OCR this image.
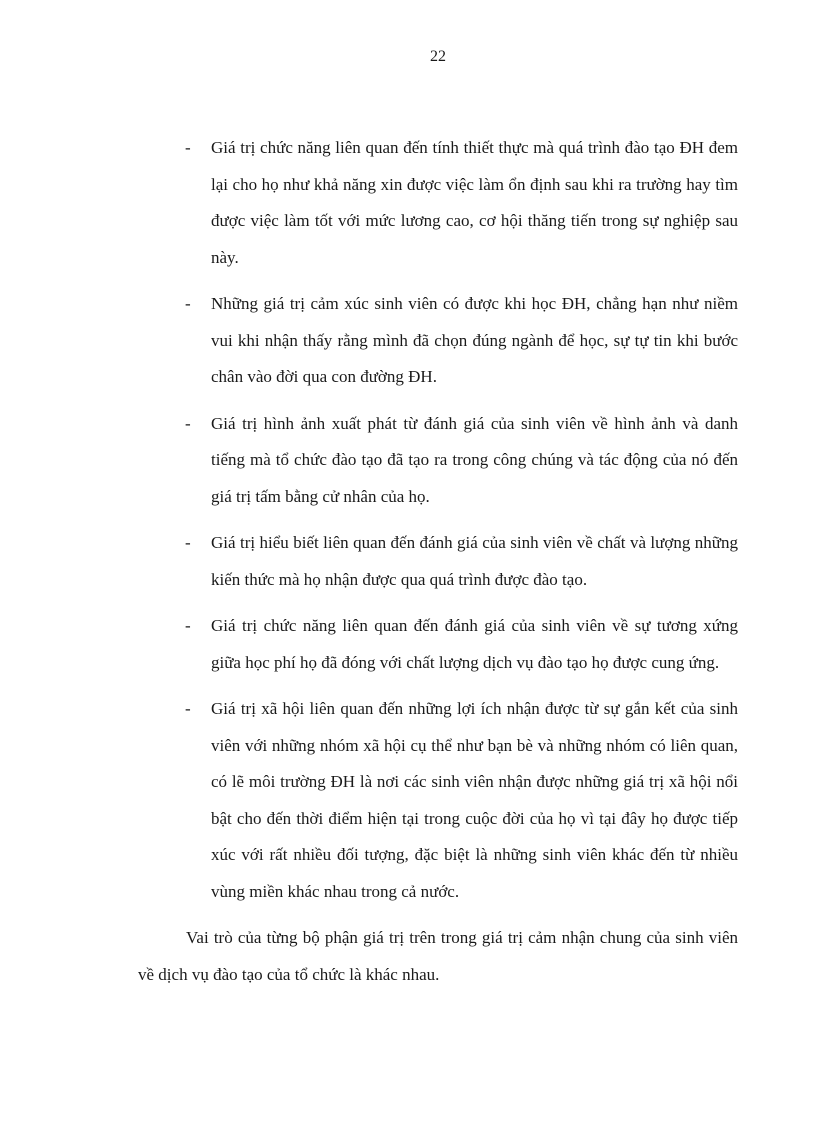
22
- Giá trị chức năng liên quan đến tính thiết thực mà quá trình đào tạo ĐH đem lại cho họ như khả năng xin được việc làm ổn định sau khi ra trường hay tìm được việc làm tốt với mức lương cao, cơ hội thăng tiến trong sự nghiệp sau này.
- Những giá trị cảm xúc sinh viên có được khi học ĐH, chẳng hạn như niềm vui khi nhận thấy rằng mình đã chọn đúng ngành để học, sự tự tin khi bước chân vào đời qua con đường ĐH.
- Giá trị hình ảnh xuất phát từ đánh giá của sinh viên về hình ảnh và danh tiếng mà tổ chức đào tạo đã tạo ra trong công chúng và tác động của nó đến giá trị tấm bằng cử nhân của họ.
- Giá trị hiểu biết liên quan đến đánh giá của sinh viên về chất và lượng những kiến thức mà họ nhận được qua quá trình được đào tạo.
- Giá trị chức năng liên quan đến đánh giá của sinh viên về sự tương xứng giữa học phí họ đã đóng với chất lượng dịch vụ đào tạo họ được cung ứng.
- Giá trị xã hội liên quan đến những lợi ích nhận được từ sự gắn kết của sinh viên với những nhóm xã hội cụ thể như bạn bè và những nhóm có liên quan, có lẽ môi trường ĐH là nơi các sinh viên nhận được những giá trị xã hội nổi bật cho đến thời điểm hiện tại trong cuộc đời của họ vì tại đây họ được tiếp xúc với rất nhiều đối tượng, đặc biệt là những sinh viên khác đến từ nhiều vùng miền khác nhau trong cả nước.
Vai trò của từng bộ phận giá trị trên trong giá trị cảm nhận chung của sinh viên về dịch vụ đào tạo của tổ chức là khác nhau.
